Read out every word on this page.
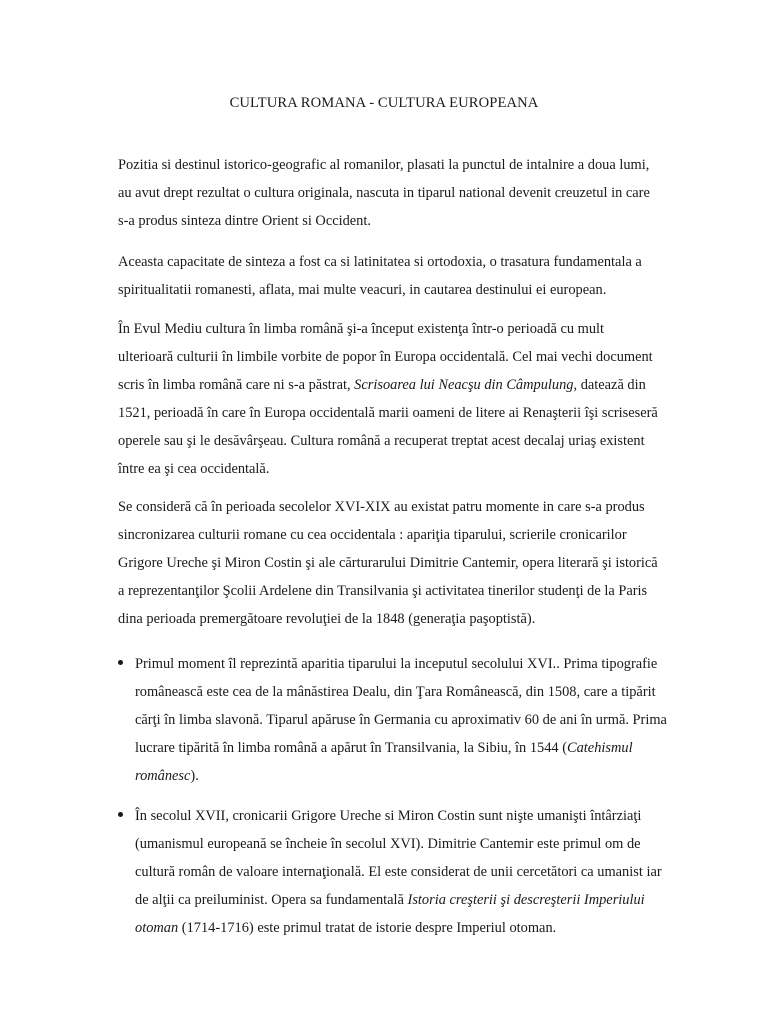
CULTURA ROMANA - CULTURA EUROPEANA

Pozitia si destinul istorico-geografic al romanilor, plasati la punctul de intalnire a doua lumi, au avut drept rezultat o cultura originala, nascuta in tiparul national devenit creuzetul in care s-a produs sinteza dintre Orient si Occident.

Aceasta capacitate de sinteza a fost ca si latinitatea si ortodoxia, o trasatura fundamentala a spiritualitatii romanesti, aflata, mai multe veacuri, in cautarea destinului ei european.

În Evul Mediu cultura în limba română şi-a început existenţa într-o perioadă cu mult ulterioară culturii în limbile vorbite de popor în Europa occidentală. Cel mai vechi document scris în limba română care ni s-a păstrat, Scrisoarea lui Neacşu din Câmpulung, datează din 1521, perioadă în care în Europa occidentală marii oameni de litere ai Renaşterii îşi scriseseră operele sau şi le desăvârşeau. Cultura română a recuperat treptat acest decalaj uriaş existent între ea şi cea occidentală.

Se consideră că în perioada secolelor XVI-XIX au existat patru momente in care s-a produs sincronizarea culturii romane cu cea occidentala : apariţia tiparului, scrierile cronicarilor Grigore Ureche şi Miron Costin şi ale cărturarului Dimitrie Cantemir, opera literară şi istorică a reprezentanţilor Şcolii Ardelene din Transilvania şi activitatea tinerilor studenţi de la Paris dina perioada premergătoare revoluţiei de la 1848 (generaţia paşoptistă).

Primul moment îl reprezintă aparitia tiparului la inceputul secolului XVI.. Prima tipografie românească este cea de la mânăstirea Dealu, din Ţara Românească, din 1508, care a tipărit cărţi în limba slavonă. Tiparul apăruse în Germania cu aproximativ 60 de ani în urmă. Prima lucrare tipărită în limba română a apărut în Transilvania, la Sibiu, în 1544 (Catehismul românesc).
În secolul XVII, cronicarii Grigore Ureche si Miron Costin sunt nişte umanişti întârziaţi (umanismul europeană se încheie în secolul XVI). Dimitrie Cantemir este primul om de cultură român de valoare internaţională. El este considerat de unii cercetători ca umanist iar de alţii ca preiluminist. Opera sa fundamentală Istoria creşterii şi descreşterii Imperiului otoman (1714-1716) este primul tratat de istorie despre Imperiul otoman.
